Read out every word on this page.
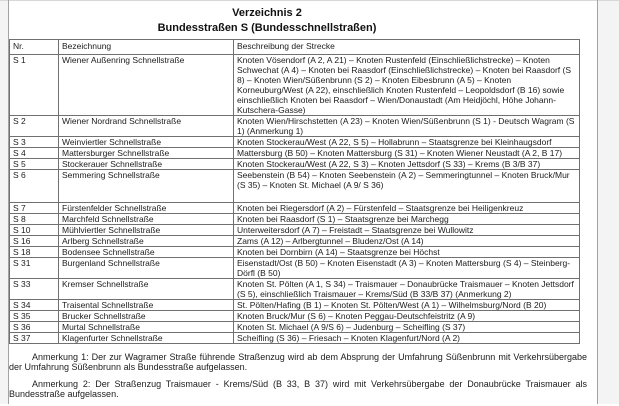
Verzeichnis 2
Bundesstraßen S (Bundesschnellstraßen)
Nr.	Bezeichnung	Beschreibung der Strecke
S 1	Wiener Außenring Schnellstraße	Knoten Vösendorf (A 2, A 21) – Knoten Rustenfeld (Einschließlichstrecke) – Knoten Schwechat (A 4) – Knoten bei Raasdorf (Einschließlichstrecke) – Knoten bei Raasdorf (S 8) – Knoten Wien/Süßenbrunn (S 2) – Knoten Eibesbrunn (A 5) – Knoten Korneuburg/West (A 22), einschließlich Knoten Rustenfeld – Leopoldsdorf (B 16) sowie einschließlich Knoten bei Raasdorf – Wien/Donaustadt (Am Heidjöchl, Höhe Johann-Kutschera-Gasse)
S 2	Wiener Nordrand Schnellstraße	Knoten Wien/Hirschstetten (A 23) – Knoten Wien/Süßenbrunn (S 1) - Deutsch Wagram (S 1) (Anmerkung 1)
S 3	Weinviertler Schnellstraße	Knoten Stockerau/West (A 22, S 5) – Hollabrunn – Staatsgrenze bei Kleinhaugsdorf
S 4	Mattersburger Schnellstraße	Mattersburg (B 50) – Knoten Mattersburg (S 31) – Knoten Wiener Neustadt (A 2, B 17)
S 5	Stockerauer Schnellstraße	Knoten Stockerau/West (A 22, S 3) – Knoten Jettsdorf (S 33) – Krems (B 3/B 37)
S 6	Semmering Schnellstraße	Seebenstein (B 54) – Knoten Seebenstein (A 2) – Semmeringtunnel – Knoten Bruck/Mur (S 35) – Knoten St. Michael (A 9/ S 36)
S 7	Fürstenfelder Schnellstraße	Knoten bei Riegersdorf (A 2) – Fürstenfeld – Staatsgrenze bei Heiligenkreuz
S 8	Marchfeld Schnellstraße	Knoten bei Raasdorf (S 1) – Staatsgrenze bei Marchegg
S 10	Mühlviertler Schnellstraße	Unterweitersdorf (A 7) – Freistadt – Staatsgrenze bei Wullowitz
S 16	Arlberg Schnellstraße	Zams (A 12) – Arlbergtunnel – Bludenz/Ost (A 14)
S 18	Bodensee Schnellstraße	Knoten bei Dornbirn (A 14) – Staatsgrenze bei Höchst
S 31	Burgenland Schnellstraße	Eisenstadt/Ost (B 50) – Knoten Eisenstadt (A 3) – Knoten Mattersburg (S 4) – Steinberg-Dörfl (B 50)
S 33	Kremser Schnellstraße	Knoten St. Pölten (A 1, S 34) – Traismauer – Donaubrücke Traismauer – Knoten Jettsdorf (S 5), einschließlich Traismauer – Krems/Süd (B 33/B 37) (Anmerkung 2)
S 34	Traisental Schnellstraße	St. Pölten/Hafing (B 1) – Knoten St. Pölten/West (A 1) – Wilhelmsburg/Nord (B 20)
S 35	Brucker Schnellstraße	Knoten Bruck/Mur (S 6) – Knoten Peggau-Deutschfeistritz (A 9)
S 36	Murtal Schnellstraße	Knoten St. Michael (A 9/S 6) – Judenburg – Scheifling (S 37)
S 37	Klagenfurter Schnellstraße	Scheifling (S 36) – Friesach – Knoten Klagenfurt/Nord (A 2)

Anmerkung 1: Der zur Wagramer Straße führende Straßenzug wird ab dem Absprung der Umfahrung Süßenbrunn mit Verkehrsübergabe der Umfahrung Süßenbrunn als Bundesstraße aufgelassen.

Anmerkung 2: Der Straßenzug Traismauer - Krems/Süd (B 33, B 37) wird mit Verkehrsübergabe der Donaubrücke Traismauer als Bundesstraße aufgelassen.
